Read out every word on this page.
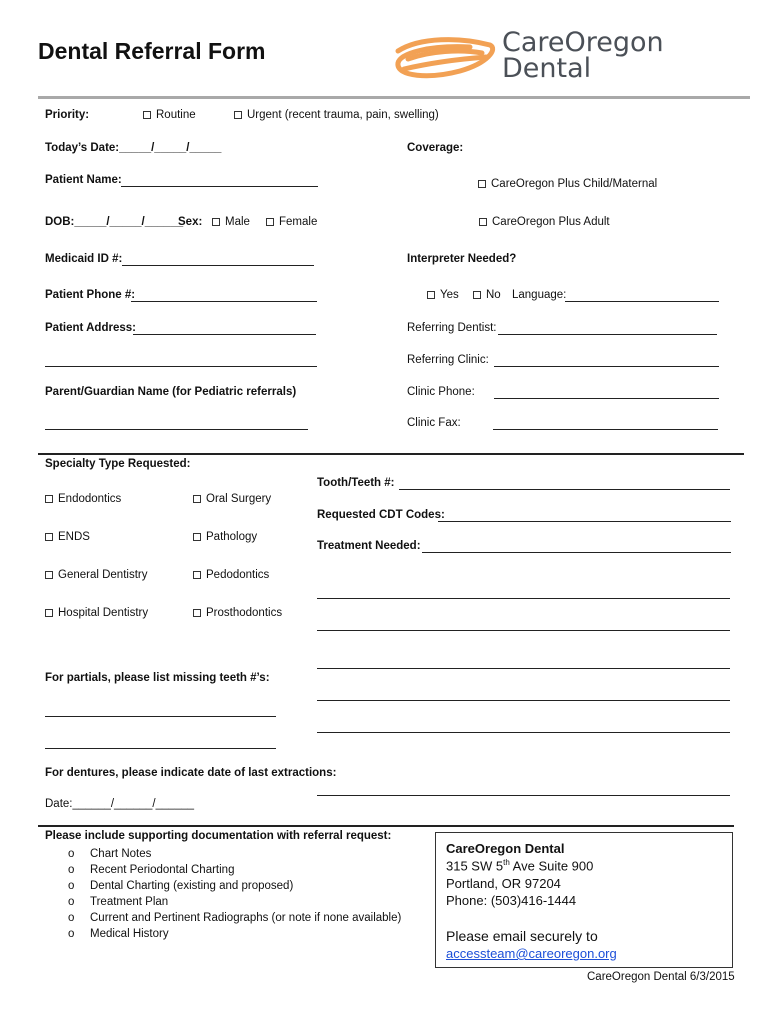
Dental Referral Form	CareOregon
Dental
Priority:	Routine	Urgent (recent trauma, pain, swelling)
Today’s Date:_____/_____/_____
Patient Name:
DOB:_____/_____/______
Sex:	Male	Female
Medicaid ID #:
Patient Phone #:
Patient Address:
Parent/Guardian Name (for Pediatric referrals)
Coverage:
CareOregon Plus Child/Maternal
CareOregon Plus Adult
Interpreter Needed?
Yes	No Language:
Referring Dentist:
Referring Clinic:
Clinic Phone:
Clinic Fax:
Specialty Type Requested:
Endodontics	Oral Surgery
ENDS	Pathology
General Dentistry	Pedodontics
Hospital Dentistry	Prosthodontics
Tooth/Teeth #:
Requested CDT Codes:
Treatment Needed:
For partials, please list missing teeth #’s:
For dentures, please indicate date of last extractions:
Date:______/______/______
Please include supporting documentation with referral request:
o Chart Notes
o Recent Periodontal Charting
o Dental Charting (existing and proposed)
o Treatment Plan
o Current and Pertinent Radiographs (or note if none available)
o Medical History
CareOregon Dental
315 SW 5th Ave Suite 900
Portland, OR 97204
Phone: (503)416-1444
Please email securely to
accessteam@careoregon.org
CareOregon Dental 6/3/2015
